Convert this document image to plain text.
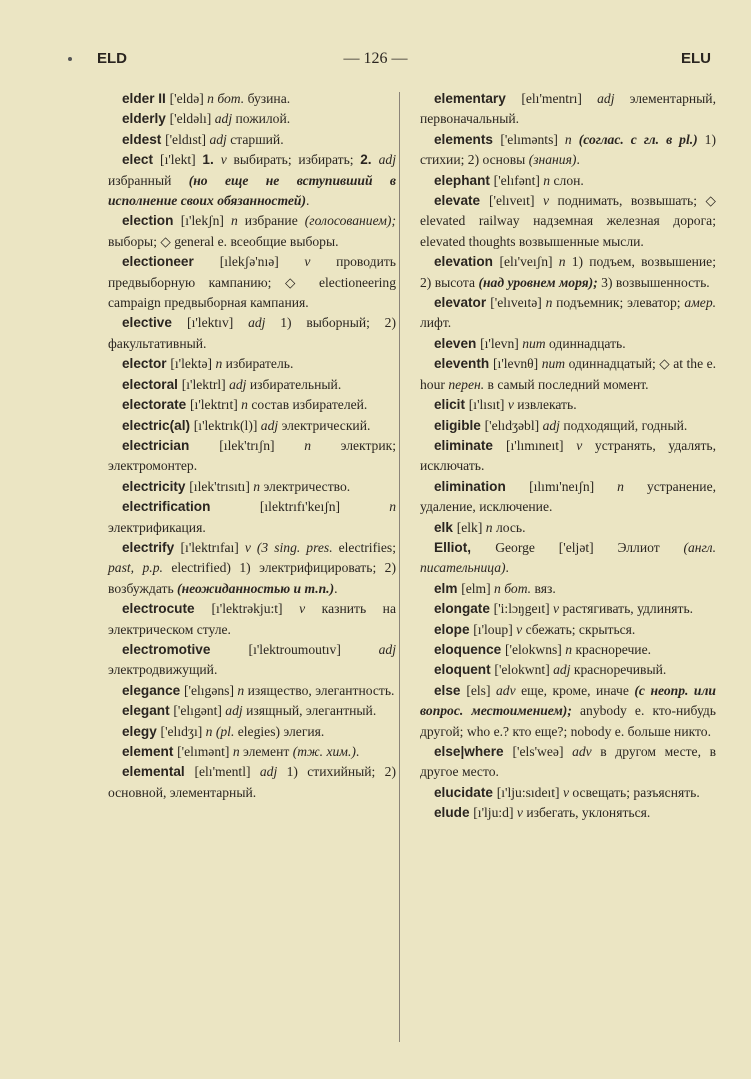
ELD	— 126 —	ELU

elder II ['eldə] n бот. бузина.

elderly ['eldəlı] adj пожилой.

eldest ['eldıst] adj старший.

elect [ı'lekt] 1. v выбирать; избирать; 2. adj избранный (но еще не вступивший в исполнение своих обязанностей).

election [ı'lekʃn] n избрание (голосованием); выборы; ◇ general e. всеобщие выборы.

electioneer [ılekʃə'nıə] v проводить предвыборную кампанию; ◇ electioneering campaign предвыборная кампания.

elective [ı'lektıv] adj 1) выборный; 2) факультативный.

elector [ı'lektə] n избиратель.

electoral [ı'lektrl] adj избирательный.

electorate [ı'lektrıt] n состав избирателей.

electric(al) [ı'lektrık(l)] adj электрический.

electrician [ılek'trıʃn] n электрик; электромонтер.

electricity [ılek'trısıtı] n электричество.

electrification [ılektrıfı'keıʃn] n электрификация.

electrify [ı'lektrıfaı] v (3 sing. pres. electrifies; past, p.p. electrified) 1) электрифицировать; 2) возбуждать (неожиданностью и т.п.).

electrocute [ı'lektrəkju:t] v казнить на электрическом стуле.

electromotive [ı'lektroumoutıv] adj электродвижущий.

elegance ['elıgəns] n изящество, элегантность.

elegant ['elıgənt] adj изящный, элегантный.

elegy ['elıdʒı] n (pl. elegies) элегия.

element ['elımənt] n элемент (тж. хим.).

elemental [elı'mentl] adj 1) стихийный; 2) основной, элементарный.

elementary [elı'mentrı] adj элементарный, первоначальный.

elements ['elımənts] n (соглас. с гл. в pl.) 1) стихии; 2) основы (знания).

elephant ['elıfənt] n слон.

elevate ['elıveıt] v поднимать, возвышать; ◇ elevated railway надземная железная дорога; elevated thoughts возвышенные мысли.

elevation [elı'veıʃn] n 1) подъем, возвышение; 2) высота (над уровнем моря); 3) возвышенность.

elevator ['elıveıtə] n подъемник; элеватор; амер. лифт.

eleven [ı'levn] num одиннадцать.

eleventh [ı'levnθ] num одиннадцатый; ◇ at the e. hour перен. в самый последний момент.

elicit [ı'lısıt] v извлекать.

eligible ['elıdʒəbl] adj подходящий, годный.

eliminate [ı'lımıneıt] v устранять, удалять, исключать.

elimination [ılımı'neıʃn] n устранение, удаление, исключение.

elk [elk] n лось.

Elliot, George ['eljət] Эллиот (англ. писательница).

elm [elm] n бот. вяз.

elongate ['i:lɔŋgeıt] v растягивать, удлинять.

elope [ı'loup] v сбежать; скрыться.

eloquence ['elokwns] n красноречие.

eloquent ['elokwnt] adj красноречивый.

else [els] adv еще, кроме, иначе (с неопр. или вопрос. местоимением); anybody e. кто-нибудь другой; who e.? кто еще?; nobody e. больше никто.

else|where ['els'weə] adv в другом месте, в другое место.

elucidate [ı'lju:sıdeıt] v освещать; разъяснять.

elude [ı'lju:d] v избегать, уклоняться.
